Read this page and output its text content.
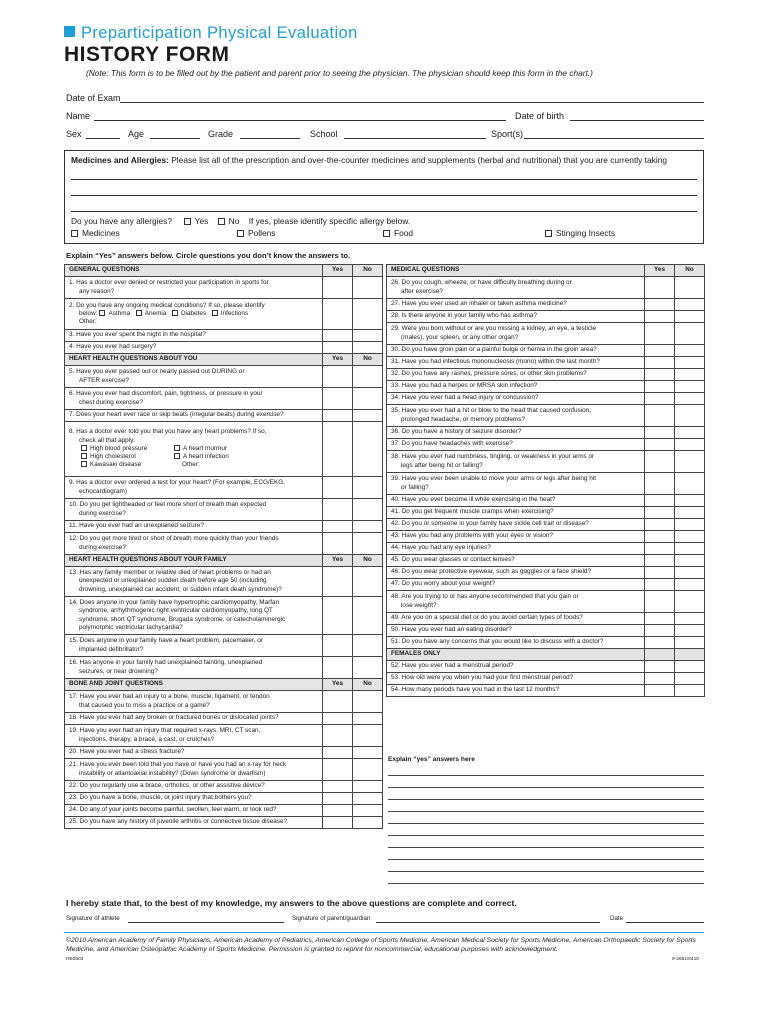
Preparticipation Physical Evaluation
HISTORY FORM
(Note: This form is to be filled out by the patient and parent prior to seeing the physician. The physician should keep this form in the chart.)
Date of Exam
Name	Date of birth
Sex	Age	Grade	School	Sport(s)
Medicines and Allergies: Please list all of the prescription and over-the-counter medicines and supplements (herbal and nutritional) that you are currently taking
Do you have any allergies?	Yes No If yes, please identify specific allergy below.
Medicines	Pollens	Food	Stinging Insects
Explain “Yes” answers below. Circle questions you don’t know the answers to.
GENERAL QUESTIONS	Yes	No
1. Has a doctor ever denied or restricted your participation in sports for
any reason?		

2. Do you have any ongoing medical conditions? If so, please identify
below: Asthma Anemia Diabetes Infections
Other:		

3. Have you ever spent the night in the hospital?		
4. Have you ever had surgery?		
HEART HEALTH QUESTIONS ABOUT YOU	Yes	No
5. Have you ever passed out or nearly passed out DURING or
AFTER exercise?		

6. Have you ever had discomfort, pain, tightness, or pressure in your
chest during exercise?		

7. Does your heart ever race or skip beats (irregular beats) during exercise?		
8. Has a doctor ever told you that you have any heart problems? If so,
check all that apply:
High blood pressure A heart murmur
High cholesterol A heart infection
Kawasaki disease Other:		

9. Has a doctor ever ordered a test for your heart? (For example, ECG/EKG,
echocardiogram)		

10. Do you get lightheaded or feel more short of breath than expected
during exercise?		

11. Have you ever had an unexplained seizure?		
12. Do you get more tired or short of breath more quickly than your friends
during exercise?		

HEART HEALTH QUESTIONS ABOUT YOUR FAMILY	Yes	No
13. Has any family member or relative died of heart problems or had an
unexpected or unexplained sudden death before age 50 (including
drowning, unexplained car accident, or sudden infant death syndrome)?		

14. Does anyone in your family have hypertrophic cardiomyopathy, Marfan
syndrome, arrhythmogenic right ventricular cardiomyopathy, long QT
syndrome, short QT syndrome, Brugada syndrome, or catecholaminergic
polymorphic ventricular tachycardia?		

15. Does anyone in your family have a heart problem, pacemaker, or
implanted defibrillator?		

16. Has anyone in your family had unexplained fainting, unexplained
seizures, or near drowning?		

BONE AND JOINT QUESTIONS	Yes	No
17. Have you ever had an injury to a bone, muscle, ligament, or tendon
that caused you to miss a practice or a game?		

18. Have you ever had any broken or fractured bones or dislocated joints?		
19. Have you ever had an injury that required x-rays, MRI, CT scan,
injections, therapy, a brace, a cast, or crutches?		

20. Have you ever had a stress fracture?		
21. Have you ever been told that you have or have you had an x-ray for neck
instability or atlantoaxial instability? (Down syndrome or dwarfism)		

22. Do you regularly use a brace, orthotics, or other assistive device?		
23. Do you have a bone, muscle, or joint injury that bothers you?		
24. Do any of your joints become painful, swollen, feel warm, or look red?		
25. Do you have any history of juvenile arthritis or connective tissue disease?		
MEDICAL QUESTIONS	Yes	No
26. Do you cough, wheeze, or have difficulty breathing during or
after exercise?		

27. Have you ever used an inhaler or taken asthma medicine?		
28. Is there anyone in your family who has asthma?		
29. Were you born without or are you missing a kidney, an eye, a testicle
(males), your spleen, or any other organ?		

30. Do you have groin pain or a painful bulge or hernia in the groin area?		
31. Have you had infectious mononucleosis (mono) within the last month?		
32. Do you have any rashes, pressure sores, or other skin problems?		
33. Have you had a herpes or MRSA skin infection?		
34. Have you ever had a head injury or concussion?		
35. Have you ever had a hit or blow to the head that caused confusion,
prolonged headache, or memory problems?		

36. Do you have a history of seizure disorder?		
37. Do you have headaches with exercise?		
38. Have you ever had numbness, tingling, or weakness in your arms or
legs after being hit or falling?		

39. Have you ever been unable to move your arms or legs after being hit
or falling?		

40. Have you ever become ill while exercising in the heat?		
41. Do you get frequent muscle cramps when exercising?		
42. Do you or someone in your family have sickle cell trait or disease?		
43. Have you had any problems with your eyes or vision?		
44. Have you had any eye injuries?		
45. Do you wear glasses or contact lenses?		
46. Do you wear protective eyewear, such as goggles or a face shield?		
47. Do you worry about your weight?		
48. Are you trying to or has anyone recommended that you gain or
lose weight?		

49. Are you on a special diet or do you avoid certain types of foods?		
50. Have you ever had an eating disorder?		
51. Do you have any concerns that you would like to discuss with a doctor?		
FEMALES ONLY		
52. Have you ever had a menstrual period?		
53. How old were you when you had your first menstrual period?		
54. How many periods have you had in the last 12 months?		
Explain “yes” answers here
I hereby state that, to the best of my knowledge, my answers to the above questions are complete and correct.
Signature of athlete	Signature of parent/guardian	Date
©2010 American Academy of Family Physicians, American Academy of Pediatrics, American College of Sports Medicine, American Medical Society for Sports Medicine, American Orthopaedic Society for Sports Medicine, and American Osteopathic Academy of Sports Medicine. Permission is granted to reprint for noncommercial, educational purposes with acknowledgment.
HE0503	9-2681/0410
